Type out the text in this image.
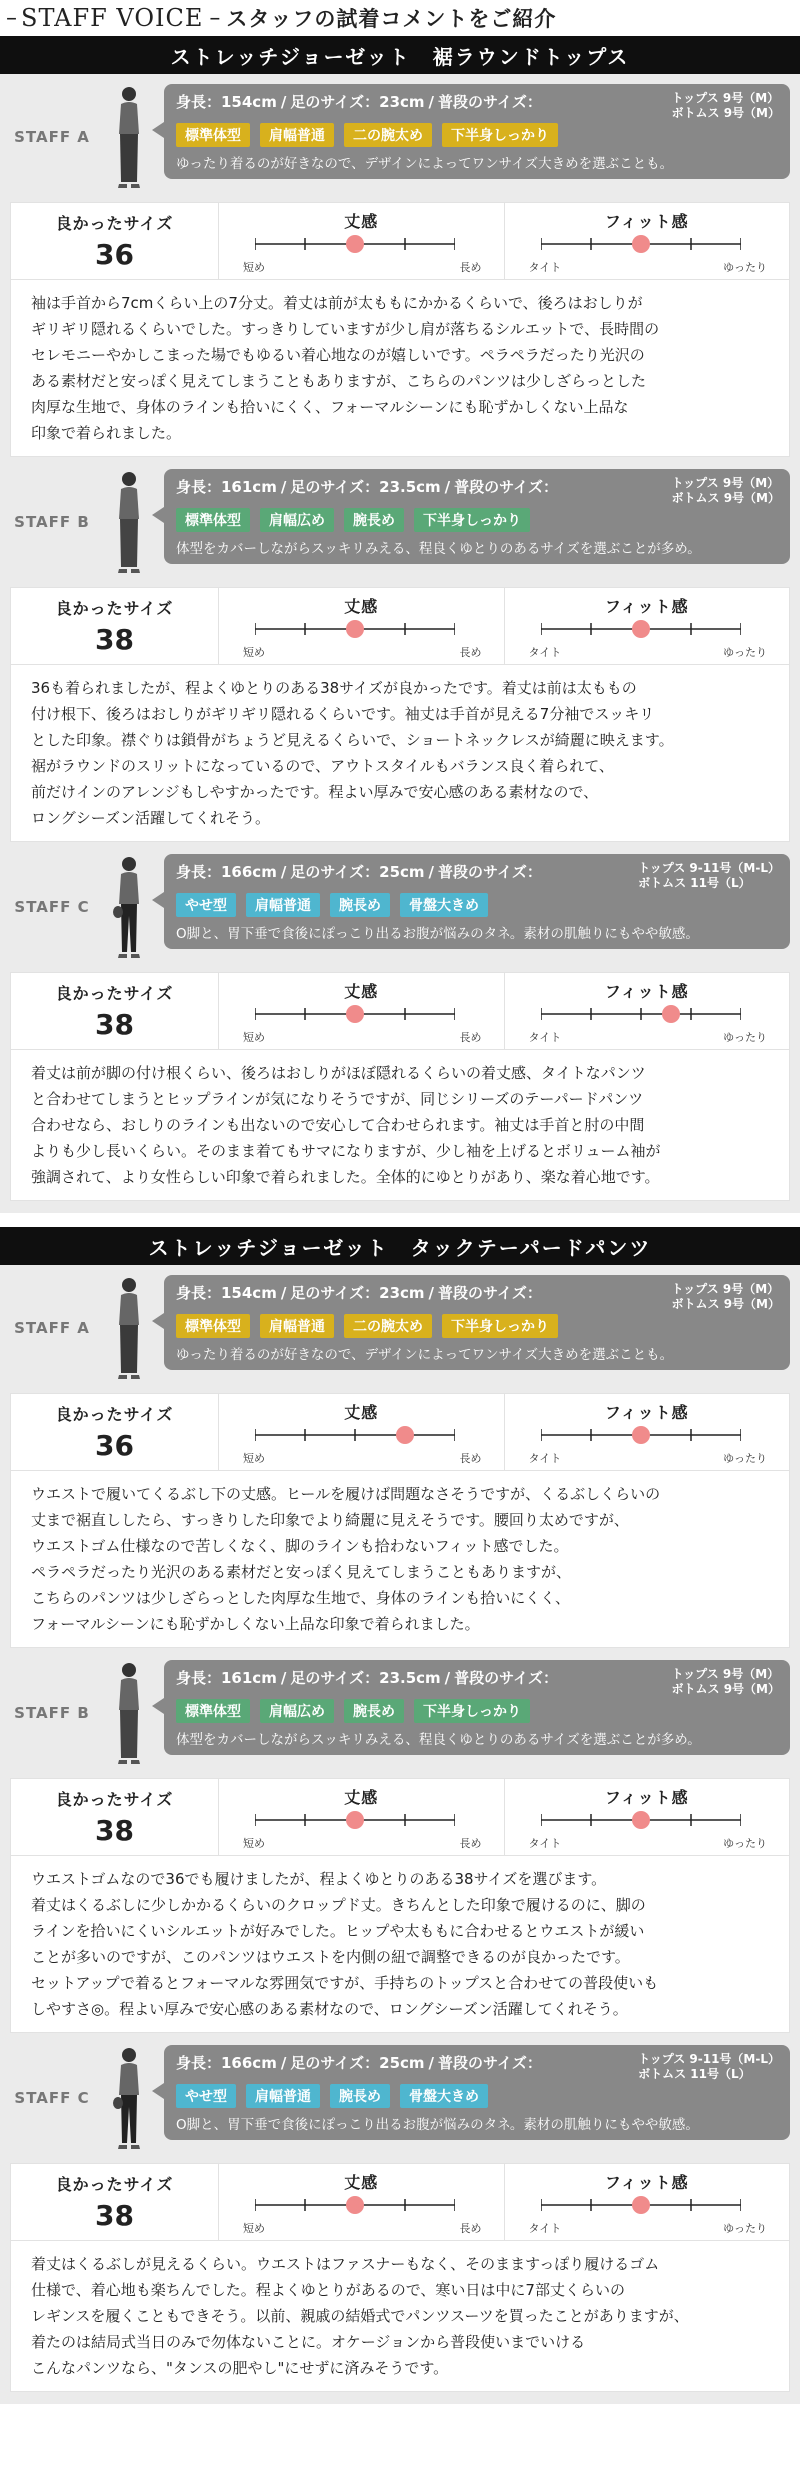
– STAFF VOICE – スタッフの試着コメントをご紹介
ストレッチジョーゼット　裾ラウンドトップス
STAFF A
身長：154cm / 足のサイズ：23cm / 普段のサイズ：	トップス 9号（M）
ボトムス 9号（M）
標準体型	肩幅普通	二の腕太め	下半身しっかり
ゆったり着るのが好きなので、デザインによってワンサイズ大きめを選ぶことも。
良かったサイズ
36
丈感
短め	長め
フィット感
タイト	ゆったり

袖は手首から7cmくらい上の7分丈。着丈は前が太ももにかかるくらいで、後ろはおしりが

ギリギリ隠れるくらいでした。すっきりしていますが少し肩が落ちるシルエットで、長時間の

セレモニーやかしこまった場でもゆるい着心地なのが嬉しいです。ペラペラだったり光沢の

ある素材だと安っぽく見えてしまうこともありますが、こちらのパンツは少しざらっとした

肉厚な生地で、身体のラインも拾いにくく、フォーマルシーンにも恥ずかしくない上品な

印象で着られました。

STAFF B
身長：161cm / 足のサイズ：23.5cm / 普段のサイズ：	トップス 9号（M）
ボトムス 9号（M）
標準体型	肩幅広め	腕長め	下半身しっかり
体型をカバーしながらスッキリみえる、程良くゆとりのあるサイズを選ぶことが多め。
良かったサイズ
38
丈感
短め	長め
フィット感
タイト	ゆったり

36も着られましたが、程よくゆとりのある38サイズが良かったです。着丈は前は太ももの

付け根下、後ろはおしりがギリギリ隠れるくらいです。袖丈は手首が見える7分袖でスッキリ

とした印象。襟ぐりは鎖骨がちょうど見えるくらいで、ショートネックレスが綺麗に映えます。

裾がラウンドのスリットになっているので、アウトスタイルもバランス良く着られて、

前だけインのアレンジもしやすかったです。程よい厚みで安心感のある素材なので、

ロングシーズン活躍してくれそう。

STAFF C
身長：166cm / 足のサイズ：25cm / 普段のサイズ：	トップス 9-11号（M-L）
ボトムス 11号（L）
やせ型	肩幅普通	腕長め	骨盤大きめ
O脚と、胃下垂で食後にぽっこり出るお腹が悩みのタネ。素材の肌触りにもやや敏感。
良かったサイズ
38
丈感
短め	長め
フィット感
タイト	ゆったり

着丈は前が脚の付け根くらい、後ろはおしりがほぼ隠れるくらいの着丈感、タイトなパンツ

と合わせてしまうとヒップラインが気になりそうですが、同じシリーズのテーパードパンツ

合わせなら、おしりのラインも出ないので安心して合わせられます。袖丈は手首と肘の中間

よりも少し長いくらい。そのまま着てもサマになりますが、少し袖を上げるとボリューム袖が

強調されて、より女性らしい印象で着られました。全体的にゆとりがあり、楽な着心地です。

ストレッチジョーゼット　タックテーパードパンツ
STAFF A
身長：154cm / 足のサイズ：23cm / 普段のサイズ：	トップス 9号（M）
ボトムス 9号（M）
標準体型	肩幅普通	二の腕太め	下半身しっかり
ゆったり着るのが好きなので、デザインによってワンサイズ大きめを選ぶことも。
良かったサイズ
36
丈感
短め	長め
フィット感
タイト	ゆったり

ウエストで履いてくるぶし下の丈感。ヒールを履けば問題なさそうですが、くるぶしくらいの

丈まで裾直ししたら、すっきりした印象でより綺麗に見えそうです。腰回り太めですが、

ウエストゴム仕様なので苦しくなく、脚のラインも拾わないフィット感でした。

ペラペラだったり光沢のある素材だと安っぽく見えてしまうこともありますが、

こちらのパンツは少しざらっとした肉厚な生地で、身体のラインも拾いにくく、

フォーマルシーンにも恥ずかしくない上品な印象で着られました。

STAFF B
身長：161cm / 足のサイズ：23.5cm / 普段のサイズ：	トップス 9号（M）
ボトムス 9号（M）
標準体型	肩幅広め	腕長め	下半身しっかり
体型をカバーしながらスッキリみえる、程良くゆとりのあるサイズを選ぶことが多め。
良かったサイズ
38
丈感
短め	長め
フィット感
タイト	ゆったり

ウエストゴムなので36でも履けましたが、程よくゆとりのある38サイズを選びます。

着丈はくるぶしに少しかかるくらいのクロップド丈。きちんとした印象で履けるのに、脚の

ラインを拾いにくいシルエットが好みでした。ヒップや太ももに合わせるとウエストが緩い

ことが多いのですが、このパンツはウエストを内側の紐で調整できるのが良かったです。

セットアップで着るとフォーマルな雰囲気ですが、手持ちのトップスと合わせての普段使いも

しやすさ◎。程よい厚みで安心感のある素材なので、ロングシーズン活躍してくれそう。

STAFF C
身長：166cm / 足のサイズ：25cm / 普段のサイズ：	トップス 9-11号（M-L）
ボトムス 11号（L）
やせ型	肩幅普通	腕長め	骨盤大きめ
O脚と、胃下垂で食後にぽっこり出るお腹が悩みのタネ。素材の肌触りにもやや敏感。
良かったサイズ
38
丈感
短め	長め
フィット感
タイト	ゆったり

着丈はくるぶしが見えるくらい。ウエストはファスナーもなく、そのまますっぽり履けるゴム

仕様で、着心地も楽ちんでした。程よくゆとりがあるので、寒い日は中に7部丈くらいの

レギンスを履くこともできそう。以前、親戚の結婚式でパンツスーツを買ったことがありますが、

着たのは結局式当日のみで勿体ないことに。オケージョンから普段使いまでいける

こんなパンツなら、"タンスの肥やし"にせずに済みそうです。
